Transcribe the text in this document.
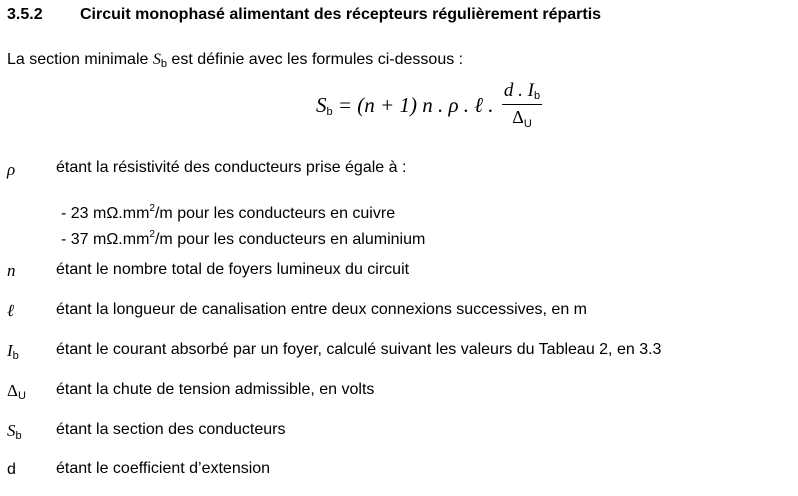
3.5.2 Circuit monophasé alimentant des récepteurs régulièrement répartis
La section minimale $S_b$ est définie avec les formules ci-dessous :
$S_b = (n + 1)$ n . ρ . ℓ .
d . $I_b$
$\Delta_U$
ρ	étant la résistivité des conducteurs prise égale à :
- 23 $m\Omega.mm^2/m$ pour les conducteurs en cuivre
- 37 $m\Omega.mm^2/m$ pour les conducteurs en aluminium
n	étant le nombre total de foyers lumineux du circuit
ℓ	étant la longueur de canalisation entre deux connexions successives, en m
$I_b$ étant le courant absorbé par un foyer, calculé suivant les valeurs du Tableau 2, en 3.3
$\Delta_U$ étant la chute de tension admissible, en volts
$S_b$ étant la section des conducteurs
d	étant le coefficient d’extension
